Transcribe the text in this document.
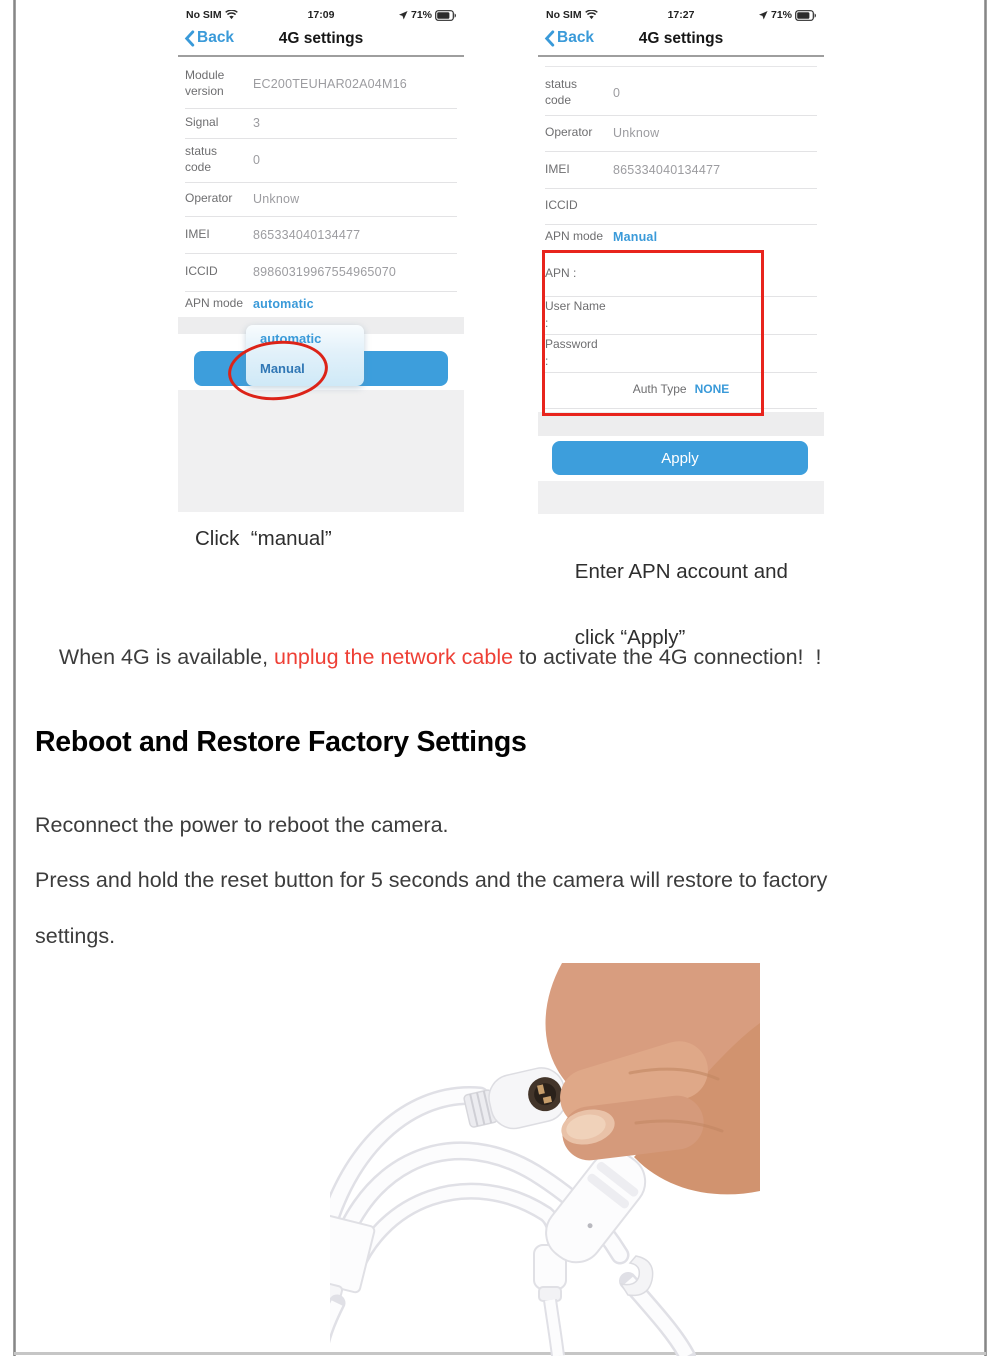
No SIM	17:09	71%
Back	4G settings
Module version	EC200TEUHAR02A04M16
Signal	3
status code	0
Operator	Unknow
IMEI	865334040134477
ICCID	89860319967554965070
APN mode automatic
automatic
Manual
No SIM	17:27	71%
Back	4G settings
status code	0
Operator	Unknow
IMEI	865334040134477
ICCID
APN mode Manual
APN :
User Name
:
Password
:
Auth Type NONE
Apply
Click  “manual”

Enter APN account and

click “Apply”

When 4G is available, unplug the network cable to activate the 4G connection!  !

Reboot and Restore Factory Settings
Reconnect the power to reboot the camera.
Press and hold the reset button for 5 seconds and the camera will restore to factory
settings.
